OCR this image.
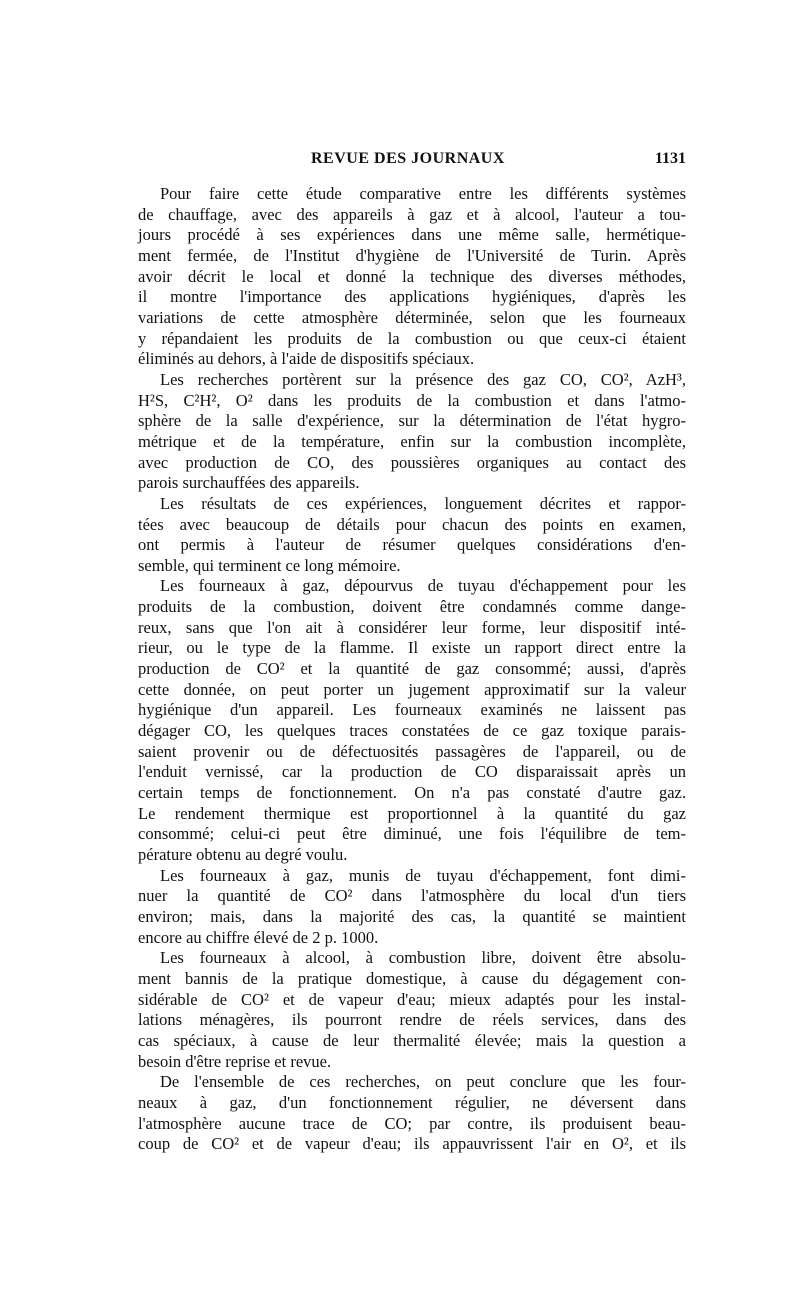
REVUE DES JOURNAUX	1131
Pour faire cette étude comparative entre les différents systèmes
de chauffage, avec des appareils à gaz et à alcool, l'auteur a tou-
jours procédé à ses expériences dans une même salle, hermétique-
ment fermée, de l'Institut d'hygiène de l'Université de Turin. Après
avoir décrit le local et donné la technique des diverses méthodes,
il montre l'importance des applications hygiéniques, d'après les
variations de cette atmosphère déterminée, selon que les fourneaux
y répandaient les produits de la combustion ou que ceux-ci étaient
éliminés au dehors, à l'aide de dispositifs spéciaux.
Les recherches portèrent sur la présence des gaz CO, CO², AzH³,
H²S, C²H², O² dans les produits de la combustion et dans l'atmo-
sphère de la salle d'expérience, sur la détermination de l'état hygro-
métrique et de la température, enfin sur la combustion incomplète,
avec production de CO, des poussières organiques au contact des
parois surchauffées des appareils.
Les résultats de ces expériences, longuement décrites et rappor-
tées avec beaucoup de détails pour chacun des points en examen,
ont permis à l'auteur de résumer quelques considérations d'en-
semble, qui terminent ce long mémoire.
Les fourneaux à gaz, dépourvus de tuyau d'échappement pour les
produits de la combustion, doivent être condamnés comme dange-
reux, sans que l'on ait à considérer leur forme, leur dispositif inté-
rieur, ou le type de la flamme. Il existe un rapport direct entre la
production de CO² et la quantité de gaz consommé; aussi, d'après
cette donnée, on peut porter un jugement approximatif sur la valeur
hygiénique d'un appareil. Les fourneaux examinés ne laissent pas
dégager CO, les quelques traces constatées de ce gaz toxique parais-
saient provenir ou de défectuosités passagères de l'appareil, ou de
l'enduit vernissé, car la production de CO disparaissait après un
certain temps de fonctionnement. On n'a pas constaté d'autre gaz.
Le rendement thermique est proportionnel à la quantité du gaz
consommé; celui-ci peut être diminué, une fois l'équilibre de tem-
pérature obtenu au degré voulu.
Les fourneaux à gaz, munis de tuyau d'échappement, font dimi-
nuer la quantité de CO² dans l'atmosphère du local d'un tiers
environ; mais, dans la majorité des cas, la quantité se maintient
encore au chiffre élevé de 2 p. 1000.
Les fourneaux à alcool, à combustion libre, doivent être absolu-
ment bannis de la pratique domestique, à cause du dégagement con-
sidérable de CO² et de vapeur d'eau; mieux adaptés pour les instal-
lations ménagères, ils pourront rendre de réels services, dans des
cas spéciaux, à cause de leur thermalité élevée; mais la question a
besoin d'être reprise et revue.
De l'ensemble de ces recherches, on peut conclure que les four-
neaux à gaz, d'un fonctionnement régulier, ne déversent dans
l'atmosphère aucune trace de CO; par contre, ils produisent beau-
coup de CO² et de vapeur d'eau; ils appauvrissent l'air en O², et ils
